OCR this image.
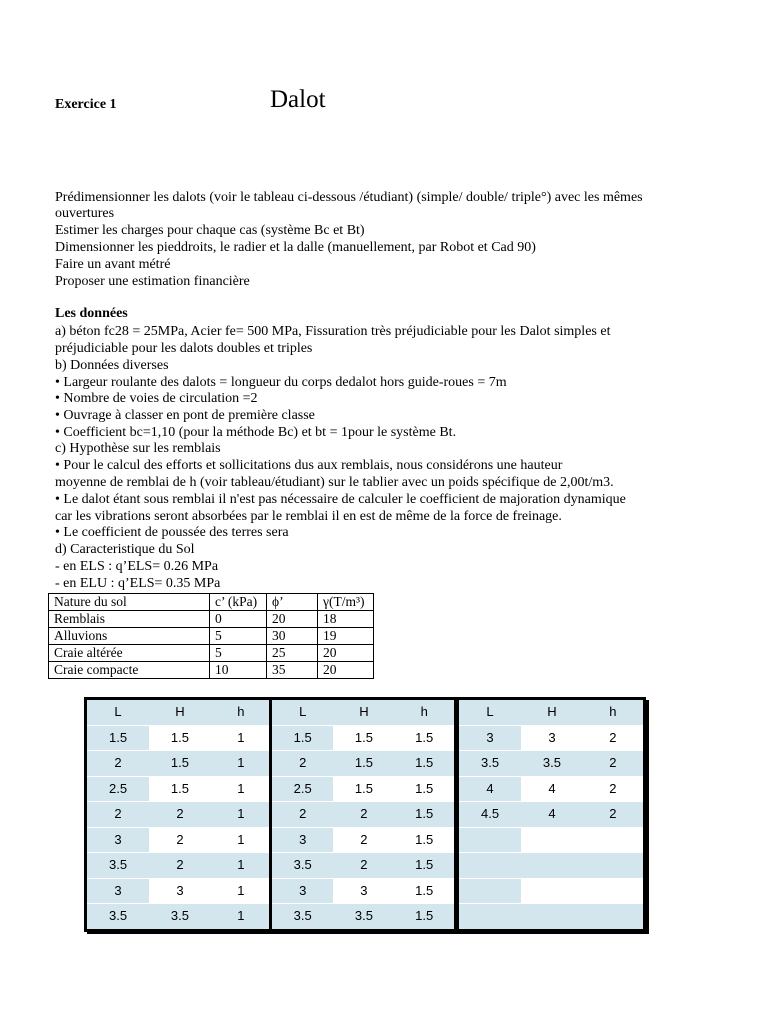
Exercice 1	Dalot
Prédimensionner les dalots (voir le tableau ci-dessous /étudiant) (simple/ double/ triple°) avec les mêmes
ouvertures
Estimer les charges pour chaque cas (système Bc et Bt)
Dimensionner les pieddroits, le radier et la dalle (manuellement, par Robot et Cad 90)
Faire un avant métré
Proposer une estimation financière
Les données
a) béton fc28 = 25MPa, Acier fe= 500 MPa, Fissuration très préjudiciable pour les Dalot simples et
préjudiciable pour les dalots doubles et triples
b) Données diverses
• Largeur roulante des dalots = longueur du corps dedalot hors guide-roues = 7m
• Nombre de voies de circulation =2
• Ouvrage à classer en pont de première classe
• Coefficient bc=1,10 (pour la méthode Bc) et bt = 1pour le système Bt.
c) Hypothèse sur les remblais
• Pour le calcul des efforts et sollicitations dus aux remblais, nous considérons une hauteur
moyenne de remblai de h (voir tableau/étudiant) sur le tablier avec un poids spécifique de 2,00t/m3.
• Le dalot étant sous remblai il n'est pas nécessaire de calculer le coefficient de majoration dynamique
car les vibrations seront absorbées par le remblai il en est de même de la force de freinage.
• Le coefficient de poussée des terres sera
d) Caracteristique du Sol
- en ELS : q’ELS= 0.26 MPa
- en ELU : q’ELS= 0.35 MPa
Nature du sol	c’ (kPa)	ϕ’	γ(T/m³)
Remblais	0	20	18
Alluvions	5	30	19
Craie altérée	5	25	20
Craie compacte	10	35	20
L	H	h
1.5	1.5	1
2	1.5	1
2.5	1.5	1
2	2	1
3	2	1
3.5	2	1
3	3	1
3.5	3.5	1
L	H	h
1.5	1.5	1.5
2	1.5	1.5
2.5	1.5	1.5
2	2	1.5
3	2	1.5
3.5	2	1.5
3	3	1.5
3.5	3.5	1.5
L	H	h
3	3	2
3.5	3.5	2
4	4	2
4.5	4	2
